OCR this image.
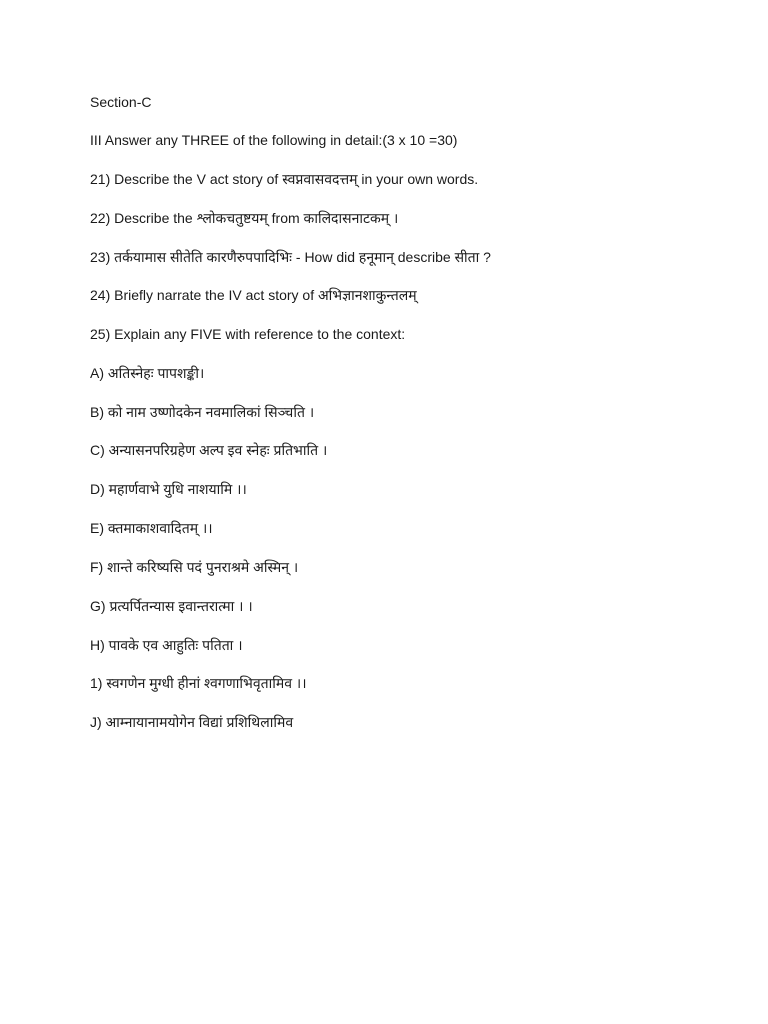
Section-C
III Answer any THREE of the following in detail:(3 x 10 =30)
21) Describe the V act story of स्वप्नवासवदत्तम् in your own words.
22) Describe the श्लोकचतुष्टयम् from कालिदासनाटकम् ।
23) तर्कयामास सीतेति कारणैरुपपादिभिः - How did हनूमान् describe सीता ?
24) Briefly narrate the IV act story of अभिज्ञानशाकुन्तलम्
25) Explain any FIVE with reference to the context:
A) अतिस्नेहः पापशङ्की।
B) को नाम उष्णोदकेन नवमालिकां सिञ्चति ।
C) अन्यासनपरिग्रहेण अल्प इव स्नेहः प्रतिभाति ।
D) महार्णवाभे युधि नाशयामि ।।
E) क्तमाकाशवादितम् ।।
F) शान्ते करिष्यसि पदं पुनराश्रमे अस्मिन् ।
G) प्रत्यर्पितन्यास इवान्तरात्मा । ।
H) पावके एव आहुतिः पतिता ।
1) स्वगणेन मुग्धी हीनां श्वगणाभिवृतामिव ।।
J) आम्नायानामयोगेन विद्यां प्रशिथिलामिव
